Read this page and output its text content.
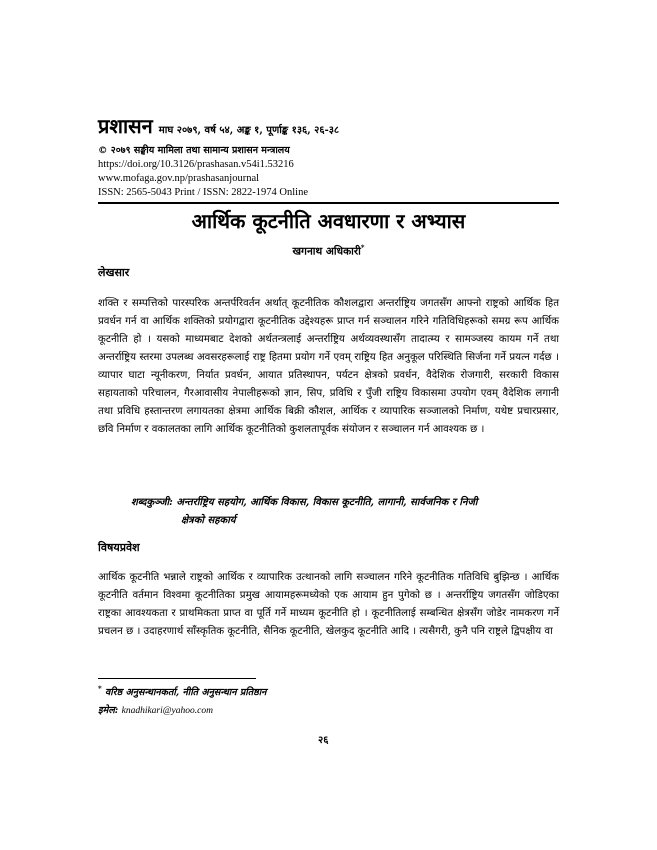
प्रशासन माघ २०७९, वर्ष ५४, अङ्क १, पूर्णाङ्क १३६, २६-३८
© २०७९ सङ्घीय मामिला तथा सामान्य प्रशासन मन्त्रालय
https://doi.org/10.3126/prashasan.v54i1.53216
www.mofaga.gov.np/prashasanjournal
ISSN: 2565-5043 Print / ISSN: 2822-1974 Online
आर्थिक कूटनीति अवधारणा र अभ्यास
खगनाथ अधिकारी*
लेखसार
शक्ति र सम्पत्तिको पारस्परिक अन्तर्परिवर्तन अर्थात् कूटनीतिक कौशलद्वारा अन्तर्राष्ट्रिय जगतसँग आफ्नो राष्ट्रको आर्थिक हित प्रवर्धन गर्न वा आर्थिक शक्तिको प्रयोगद्वारा कूटनीतिक उद्देश्यहरू प्राप्त गर्न सञ्चालन गरिने गतिविधिहरूको समग्र रूप आर्थिक कूटनीति हो । यसको माध्यमबाट देशको अर्थतन्त्रलाई अन्तर्राष्ट्रिय अर्थव्यवस्थासँग तादात्म्य र सामञ्जस्य कायम गर्ने तथा अन्तर्राष्ट्रिय स्तरमा उपलब्ध अवसरहरूलाई राष्ट्र हितमा प्रयोग गर्ने एवम् राष्ट्रिय हित अनुकूल परिस्थिति सिर्जना गर्ने प्रयत्न गर्दछ । व्यापार घाटा न्यूनीकरण, निर्यात प्रवर्धन, आयात प्रतिस्थापन, पर्यटन क्षेत्रको प्रवर्धन, वैदेशिक रोजगारी, सरकारी विकास सहायताको परिचालन, गैरआवासीय नेपालीहरूको ज्ञान, सिप, प्रविधि र पुँजी राष्ट्रिय विकासमा उपयोग एवम् वैदेशिक लगानी तथा प्रविधि हस्तान्तरण लगायतका क्षेत्रमा आर्थिक बिक्री कौशल, आर्थिक र व्यापारिक सञ्जालको निर्माण, यथेष्ट प्रचारप्रसार, छवि निर्माण र वकालतका लागि आर्थिक कूटनीतिको कुशलतापूर्वक संयोजन र सञ्चालन गर्न आवश्यक छ ।
शब्दकुञ्जी: अन्तर्राष्ट्रिय सहयोग, आर्थिक विकास, विकास कूटनीति, लागानी, सार्वजनिक र निजी
क्षेत्रको सहकार्य
विषयप्रवेश
आर्थिक कूटनीति भन्नाले राष्ट्रको आर्थिक र व्यापारिक उत्थानको लागि सञ्चालन गरिने कूटनीतिक गतिविधि बुझिन्छ । आर्थिक कूटनीति वर्तमान विश्वमा कूटनीतिका प्रमुख आयामहरूमध्येको एक आयाम हुन पुगेको छ । अन्तर्राष्ट्रिय जगतसँग जोडिएका राष्ट्रका आवश्यकता र प्राथमिकता प्राप्त वा पूर्ति गर्ने माध्यम कूटनीति हो । कूटनीतिलाई सम्बन्धित क्षेत्रसँग जोडेर नामकरण गर्ने प्रचलन छ । उदाहरणार्थ साँस्कृतिक कूटनीति, सैनिक कूटनीति, खेलकुद कूटनीति आदि । त्यसैगरी, कुनै पनि राष्ट्रले द्विपक्षीय वा
* वरिष्ठ अनुसन्धानकर्ता, नीति अनुसन्धान प्रतिष्ठान
इमेल: knadhikari@yahoo.com
२६
